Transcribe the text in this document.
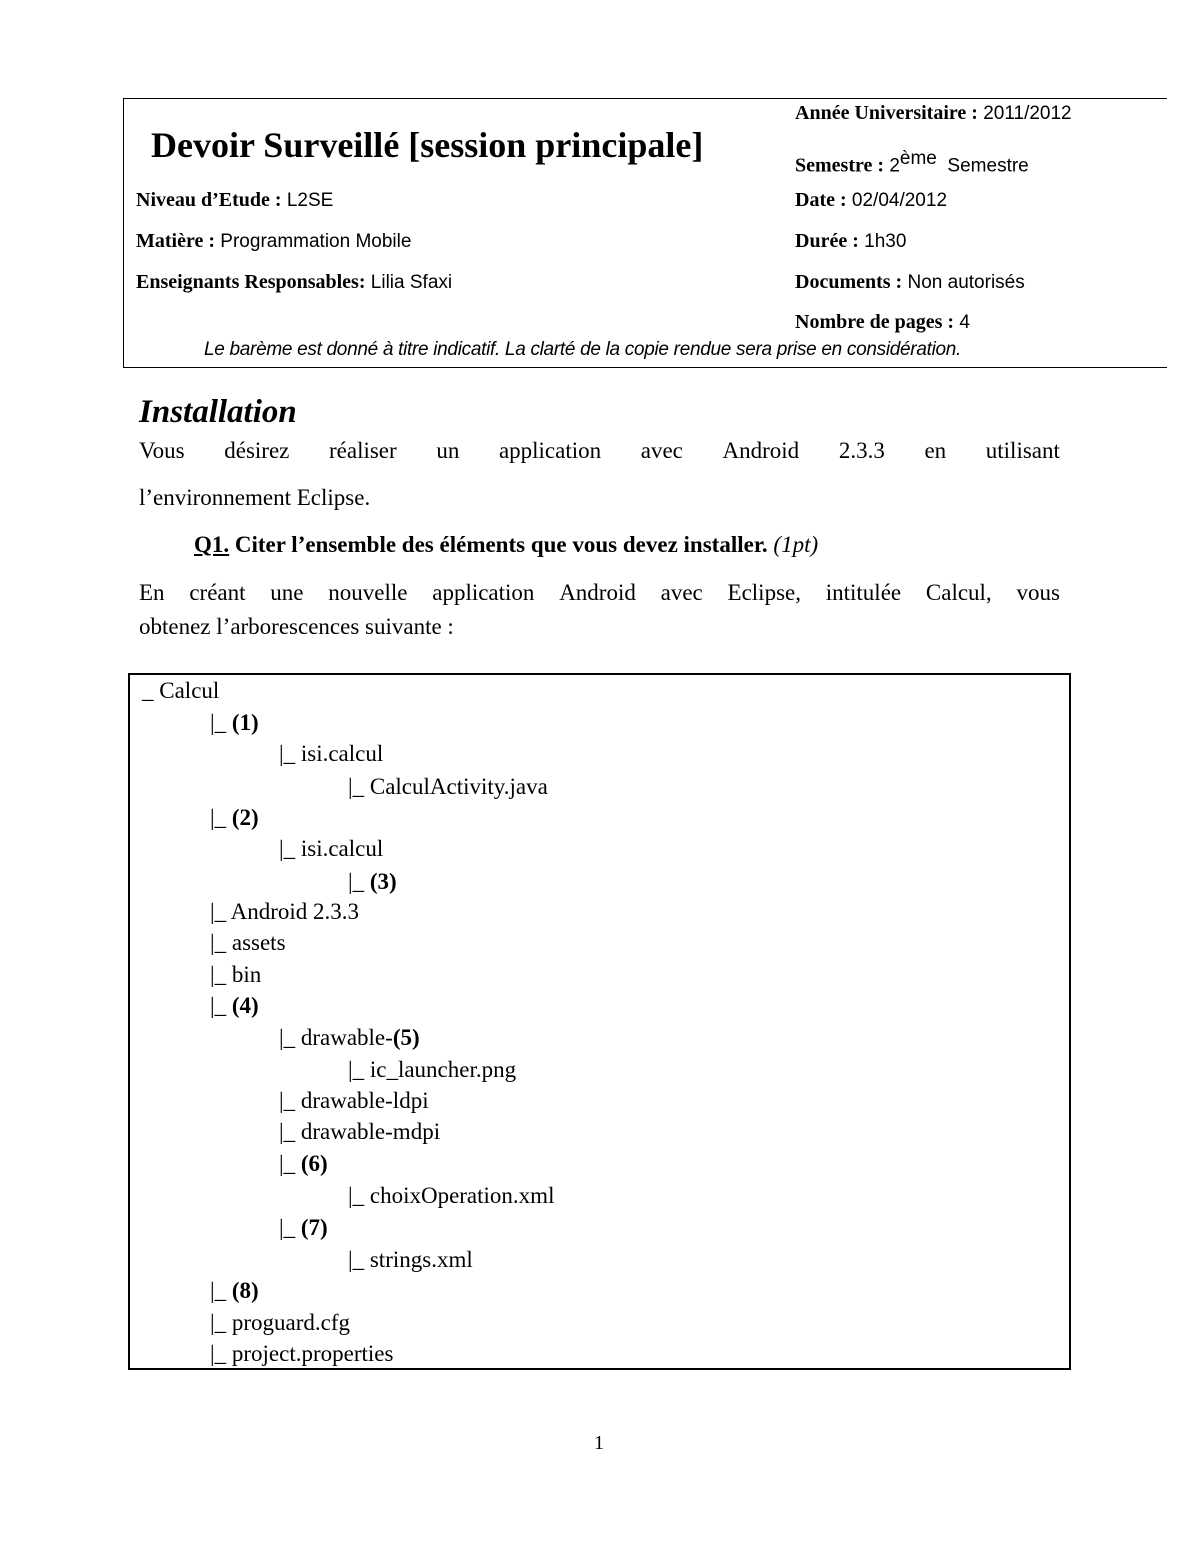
Devoir Surveillé [session principale]
Niveau d’Etude : L2SE
Matière : Programmation Mobile
Enseignants Responsables: Lilia Sfaxi
Année Universitaire : 2011/2012
Semestre : 2ème  Semestre
Date : 02/04/2012
Durée : 1h30
Documents : Non autorisés
Nombre de pages : 4
Le barème est donné à titre indicatif. La clarté de la copie rendue sera prise en considération.
Installation
Vous désirez réaliser un application avec Android 2.3.3 en utilisant
l’environnement Eclipse.
Q1. Citer l’ensemble des éléments que vous devez installer. (1pt)
En créant une nouvelle application Android avec Eclipse, intitulée Calcul, vous
obtenez l’arborescences suivante :
_ Calcul
|_ (1)
|_ isi.calcul
|_ CalculActivity.java
|_ (2)
|_ isi.calcul
|_ (3)
|_ Android 2.3.3
|_ assets
|_ bin
|_ (4)
|_ drawable-(5)
|_ ic_launcher.png
|_ drawable-ldpi
|_ drawable-mdpi
|_ (6)
|_ choixOperation.xml
|_ (7)
|_ strings.xml
|_ (8)
|_ proguard.cfg
|_ project.properties
1
